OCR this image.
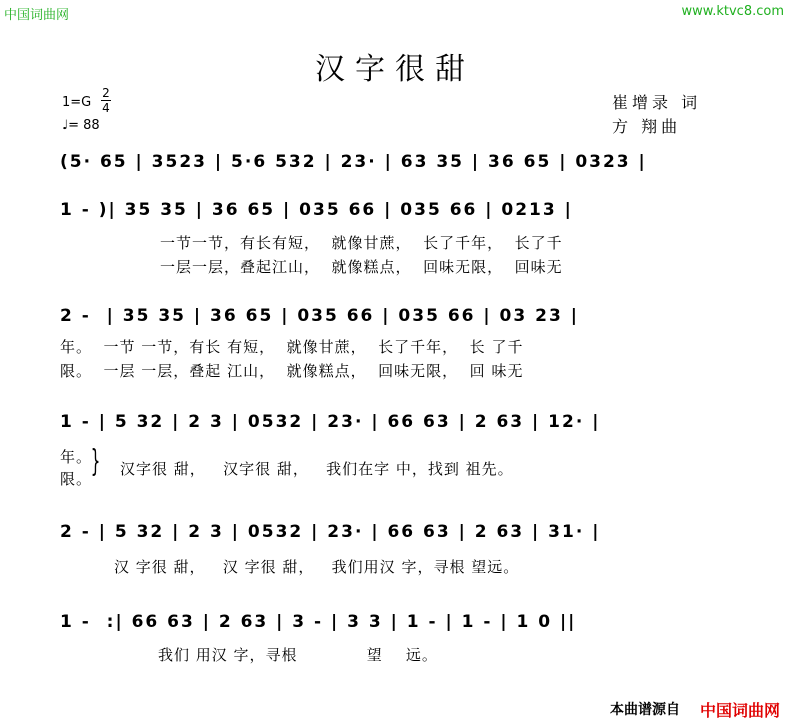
中国词曲网	www.ktvc8.com
汉字很甜
1=G
2
4
♩= 88
崔增录 词
方 翔曲
(5· 65 | 3523 | 5·6 532 | 23· | 63 35 | 36 65 | 0323 |
1 - )| 35 35 | 36 65 | 035 66 | 035 66 | 0213 |
一节一节，有长有短，  就像甘蔗，  长了千年，  长了千
一层一层，叠起江山，  就像糕点，  回味无限，  回味无
2 -  | 35 35 | 36 65 | 035 66 | 035 66 | 03 23 |
年。  一节 一节，有长 有短，  就像甘蔗，  长了千年，  长 了千
限。  一层 一层，叠起 江山，  就像糕点，  回味无限，  回 味无
1 - | 5 32 | 2 3 | 0532 | 23· | 66 63 | 2 63 | 12· |
年。
限。
} 汉字很 甜，   汉字很 甜，   我们在字 中，找到 祖先。
2 - | 5 32 | 2 3 | 0532 | 23· | 66 63 | 2 63 | 31· |
汉 字很 甜，   汉 字很 甜，   我们用汉 字，寻根 望远。
1 -  :| 66 63 | 2 63 | 3 - | 3 3 | 1 - | 1 - | 1 0 ||
我们 用汉 字，寻根            望    远。
本曲谱源自 中国词曲网
